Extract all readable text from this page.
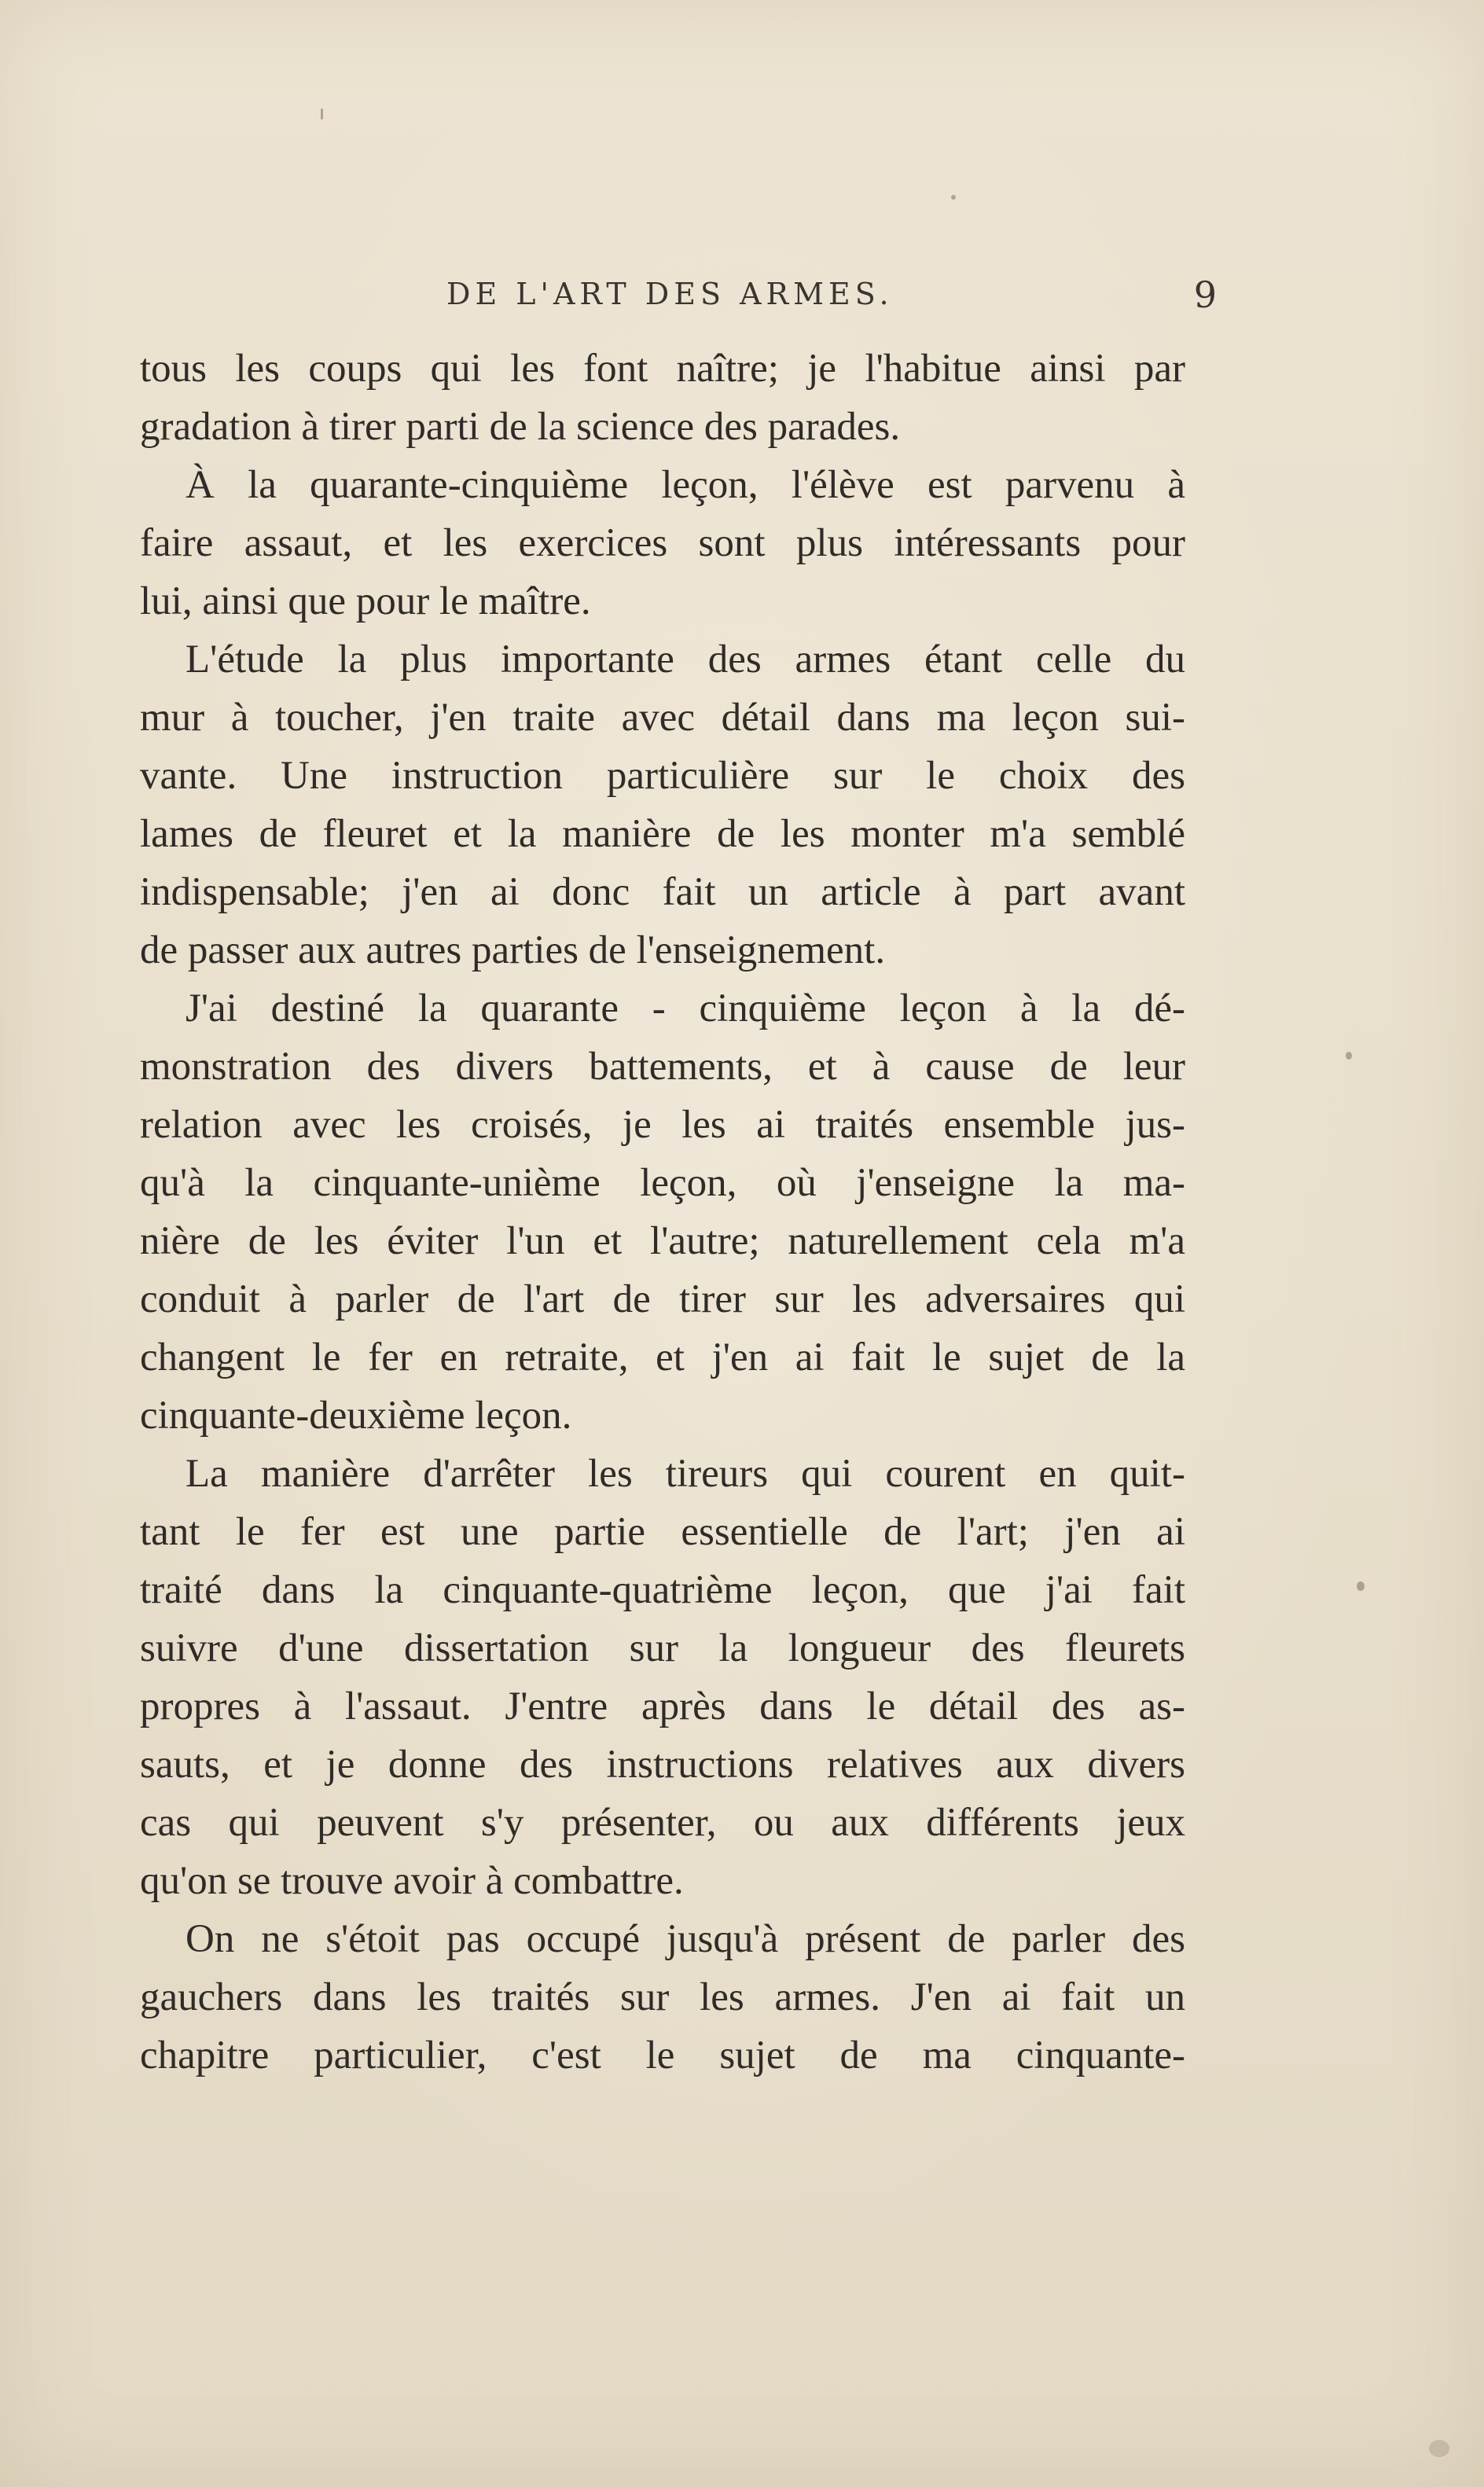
DE L'ART DES ARMES.	9
tous les coups qui les font naître; je l'habitue ainsi par
gradation à tirer parti de la science des parades.
À la quarante-cinquième leçon, l'élève est parvenu à
faire assaut, et les exercices sont plus intéressants pour
lui, ainsi que pour le maître.
L'étude la plus importante des armes étant celle du
mur à toucher, j'en traite avec détail dans ma leçon sui-
vante. Une instruction particulière sur le choix des
lames de fleuret et la manière de les monter m'a semblé
indispensable; j'en ai donc fait un article à part avant
de passer aux autres parties de l'enseignement.
J'ai destiné la quarante - cinquième leçon à la dé-
monstration des divers battements, et à cause de leur
relation avec les croisés, je les ai traités ensemble jus-
qu'à la cinquante-unième leçon, où j'enseigne la ma-
nière de les éviter l'un et l'autre; naturellement cela m'a
conduit à parler de l'art de tirer sur les adversaires qui
changent le fer en retraite, et j'en ai fait le sujet de la
cinquante-deuxième leçon.
La manière d'arrêter les tireurs qui courent en quit-
tant le fer est une partie essentielle de l'art; j'en ai
traité dans la cinquante-quatrième leçon, que j'ai fait
suivre d'une dissertation sur la longueur des fleurets
propres à l'assaut. J'entre après dans le détail des as-
sauts, et je donne des instructions relatives aux divers
cas qui peuvent s'y présenter, ou aux différents jeux
qu'on se trouve avoir à combattre.
On ne s'étoit pas occupé jusqu'à présent de parler des
gauchers dans les traités sur les armes. J'en ai fait un
chapitre particulier, c'est le sujet de ma cinquante-
